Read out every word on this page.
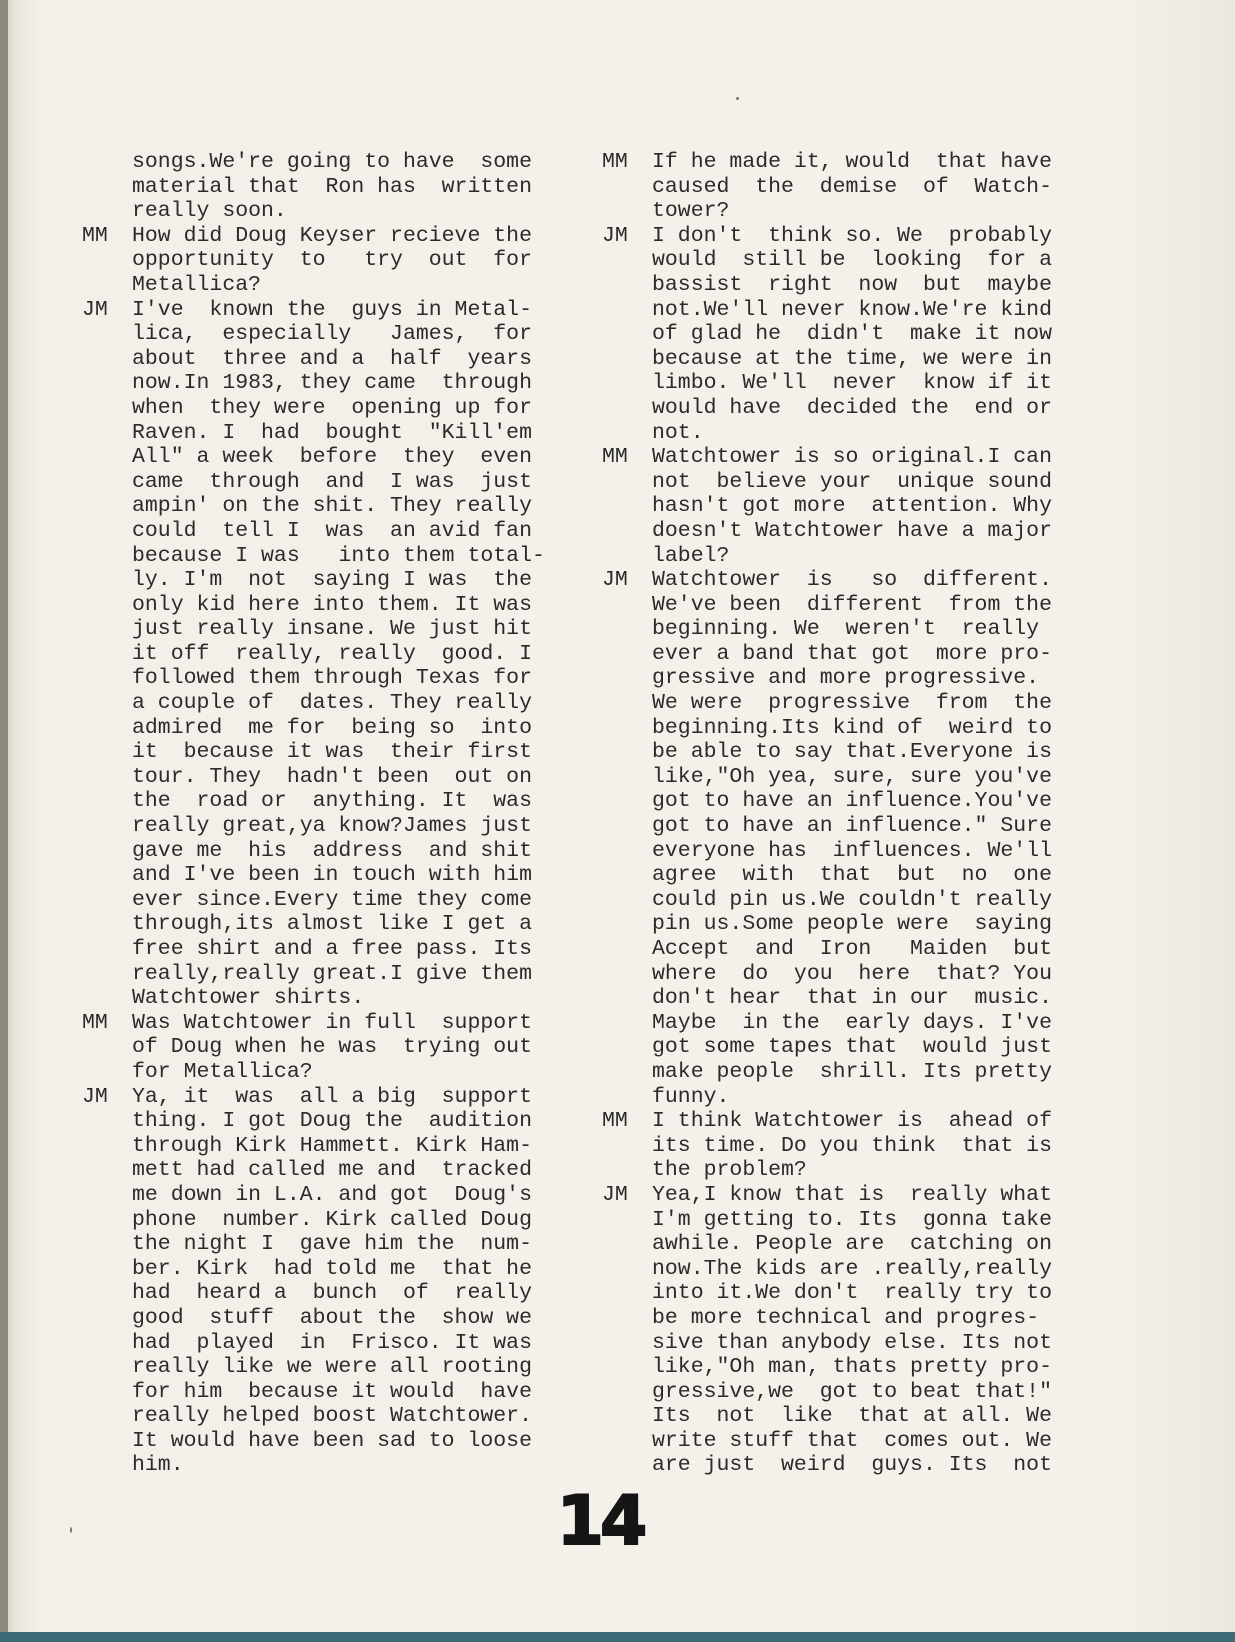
songs.We're going to have  some
material that  Ron has  written
really soon.
MM How did Doug Keyser recieve the
opportunity  to   try  out  for
Metallica?
JM I've  known the  guys in Metal-
lica,  especially   James,  for
about  three and a  half  years
now.In 1983, they came  through
when  they were  opening up for
Raven. I  had  bought  "Kill'em
All" a week  before  they  even
came  through  and  I was  just
ampin' on the shit. They really
could  tell I  was  an avid fan
because I was   into them total-
ly. I'm  not  saying I was  the
only kid here into them. It was
just really insane. We just hit
it off  really, really  good. I
followed them through Texas for
a couple of  dates. They really
admired  me for  being so  into
it  because it was  their first
tour. They  hadn't been  out on
the  road or  anything. It  was
really great,ya know?James just
gave me  his  address  and shit
and I've been in touch with him
ever since.Every time they come
through,its almost like I get a
free shirt and a free pass. Its
really,really great.I give them
Watchtower shirts.
MM Was Watchtower in full  support
of Doug when he was  trying out
for Metallica?
JM Ya, it  was  all a big  support
thing. I got Doug the  audition
through Kirk Hammett. Kirk Ham-
mett had called me and  tracked
me down in L.A. and got  Doug's
phone  number. Kirk called Doug
the night I  gave him the  num-
ber. Kirk  had told me  that he
had  heard a  bunch  of  really
good  stuff  about the  show we
had  played  in  Frisco. It was
really like we were all rooting
for him  because it would  have
really helped boost Watchtower.
It would have been sad to loose
him.
MM If he made it, would  that have
caused  the  demise  of  Watch-
tower?
JM I don't  think so. We  probably
would  still be  looking  for a
bassist  right  now  but  maybe
not.We'll never know.We're kind
of glad he  didn't  make it now
because at the time, we were in
limbo. We'll  never  know if it
would have  decided the  end or
not.
MM Watchtower is so original.I can
not  believe your  unique sound
hasn't got more  attention. Why
doesn't Watchtower have a major
label?
JM Watchtower  is   so  different.
We've been  different  from the
beginning. We  weren't  really
ever a band that got  more pro-
gressive and more progressive.
We were  progressive  from  the
beginning.Its kind of  weird to
be able to say that.Everyone is
like,"Oh yea, sure, sure you've
got to have an influence.You've
got to have an influence." Sure
everyone has  influences. We'll
agree  with  that  but  no  one
could pin us.We couldn't really
pin us.Some people were  saying
Accept  and  Iron   Maiden  but
where  do  you  here  that? You
don't hear  that in our  music.
Maybe  in the  early days. I've
got some tapes that  would just
make people  shrill. Its pretty
funny.
MM I think Watchtower is  ahead of
its time. Do you think  that is
the problem?
JM Yea,I know that is  really what
I'm getting to. Its  gonna take
awhile. People are  catching on
now.The kids are .really,really
into it.We don't  really try to
be more technical and progres-
sive than anybody else. Its not
like,"Oh man, thats pretty pro-
gressive,we  got to beat that!"
Its  not  like  that at all. We
write stuff that  comes out. We
are just  weird  guys. Its  not
14
